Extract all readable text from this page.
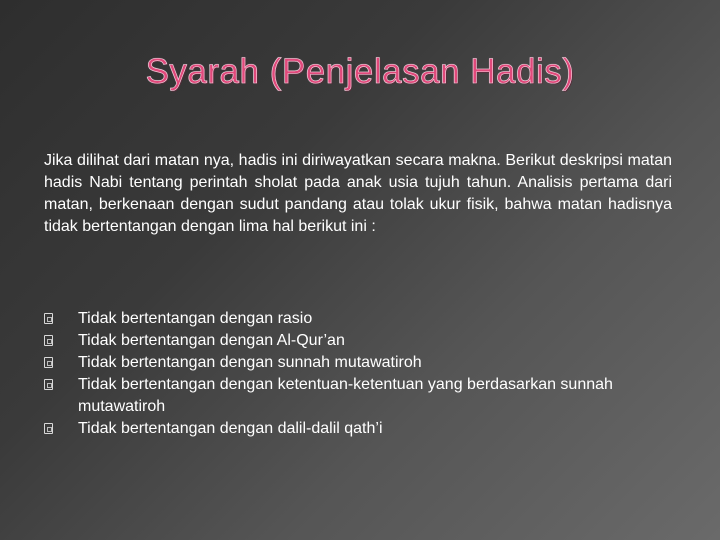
Syarah (Penjelasan Hadis)
Jika dilihat dari matan nya, hadis ini diriwayatkan secara makna. Berikut deskripsi matan hadis Nabi tentang perintah sholat pada anak usia tujuh tahun. Analisis pertama dari matan, berkenaan dengan sudut pandang atau tolak ukur fisik, bahwa matan hadisnya tidak bertentangan dengan lima hal berikut ini :
Tidak bertentangan dengan rasio
Tidak bertentangan dengan Al-Qur’an
Tidak bertentangan dengan sunnah mutawatiroh
Tidak bertentangan dengan ketentuan-ketentuan yang berdasarkan sunnah mutawatiroh
Tidak bertentangan dengan dalil-dalil qath’i
